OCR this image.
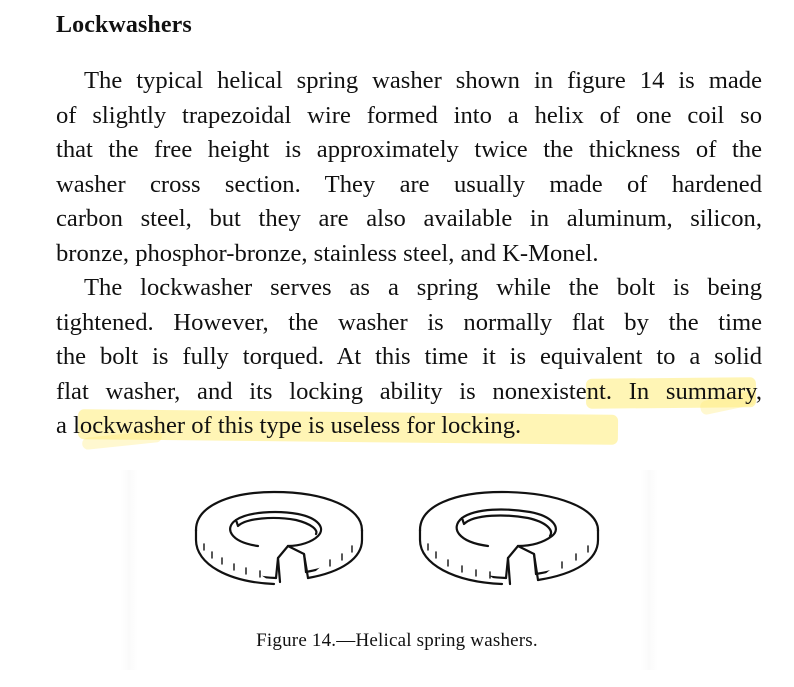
Lockwashers
The typical helical spring washer shown in figure 14 is made
of slightly trapezoidal wire formed into a helix of one coil so
that the free height is approximately twice the thickness of the
washer cross section. They are usually made of hardened
carbon steel, but they are also available in aluminum, silicon,
bronze, phosphor-bronze, stainless steel, and K-Monel.
The lockwasher serves as a spring while the bolt is being
tightened. However, the washer is normally flat by the time
the bolt is fully torqued. At this time it is equivalent to a solid
flat washer, and its locking ability is nonexistent. In summary,
a lockwasher of this type is useless for locking.
Figure 14.—Helical spring washers.
